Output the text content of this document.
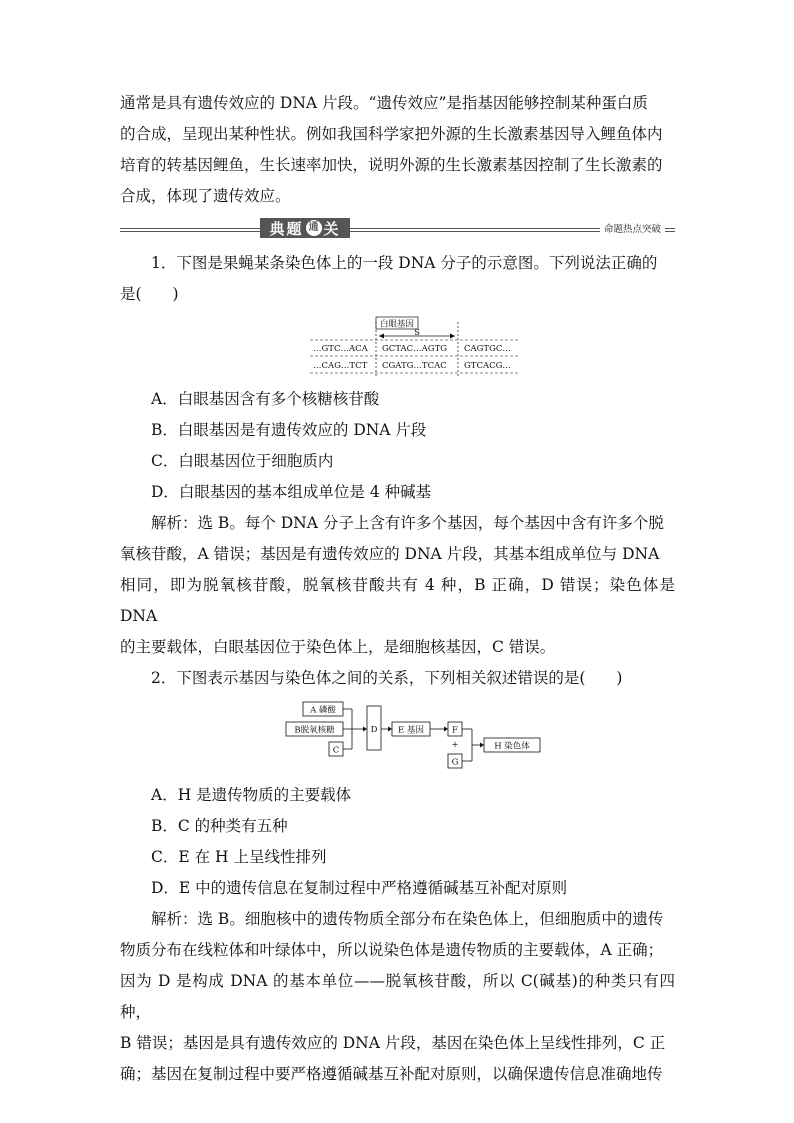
通常是具有遗传效应的 DNA 片段。“遗传效应”是指基因能够控制某种蛋白质

的合成，呈现出某种性状。例如我国科学家把外源的生长激素基因导入鲤鱼体内

培育的转基因鲤鱼，生长速率加快，说明外源的生长激素基因控制了生长激素的

合成，体现了遗传效应。

典题 通 关	命题热点突破

1．下图是果蝇某条染色体上的一段 DNA 分子的示意图。下列说法正确的

是(　　)

白眼基因
S
…GTC…ACA GCTAC…AGTG CAGTGC…
…CAG…TCT CGATG…TCAC GTCACG…

A．白眼基因含有多个核糖核苷酸

B．白眼基因是有遗传效应的 DNA 片段

C．白眼基因位于细胞质内

D．白眼基因的基本组成单位是 4 种碱基

解析：选 B。每个 DNA 分子上含有许多个基因，每个基因中含有许多个脱

氧核苷酸，A 错误；基因是有遗传效应的 DNA 片段，其基本组成单位与 DNA

相同，即为脱氧核苷酸，脱氧核苷酸共有 4 种，B 正确，D 错误；染色体是 DNA

的主要载体，白眼基因位于染色体上，是细胞核基因，C 错误。

2．下图表示基因与染色体之间的关系，下列相关叙述错误的是(　　)

A 磷酸
B脱氧核糖
C
D E 基因	F
+
G
H 染色体

A．H 是遗传物质的主要载体

B．C 的种类有五种

C．E 在 H 上呈线性排列

D．E 中的遗传信息在复制过程中严格遵循碱基互补配对原则

解析：选 B。细胞核中的遗传物质全部分布在染色体上，但细胞质中的遗传

物质分布在线粒体和叶绿体中，所以说染色体是遗传物质的主要载体，A 正确；

因为 D 是构成 DNA 的基本单位——脱氧核苷酸，所以 C(碱基)的种类只有四种，

B 错误；基因是具有遗传效应的 DNA 片段，基因在染色体上呈线性排列，C 正

确；基因在复制过程中要严格遵循碱基互补配对原则，以确保遗传信息准确地传
